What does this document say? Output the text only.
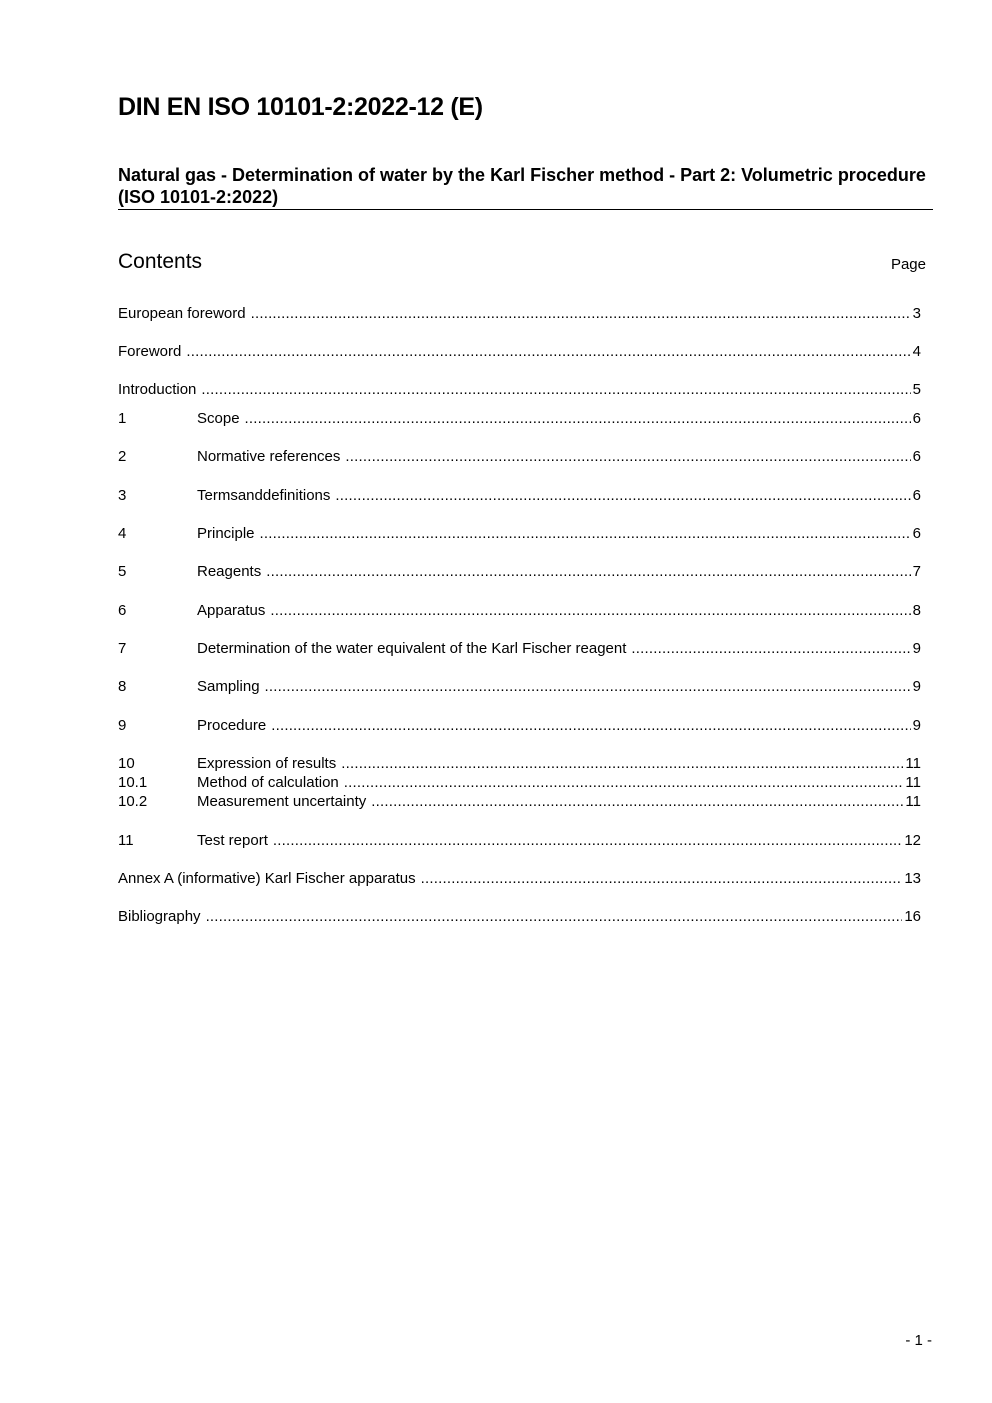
DIN EN ISO 10101-2:2022-12 (E)
Natural gas - Determination of water by the Karl Fischer method - Part 2: Volumetric procedure (ISO 10101-2:2022)
Contents	Page
European foreword .....	3
Foreword .....	4
Introduction .....	5
1	Scope .....	6
2	Normative references .....	6
3	Termsanddefinitions .....	6
4	Principle .....	6
5	Reagents .....	7
6	Apparatus .....	8
7	Determination of the water equivalent of the Karl Fischer reagent .....	9
8	Sampling .....	9
9	Procedure .....	9
10	Expression of results .....	11
10.1	Method of calculation .....	11
10.2	Measurement uncertainty .....	11
11	Test report .....	12
Annex A (informative) Karl Fischer apparatus .....	13
Bibliography .....	16
- 1 -
